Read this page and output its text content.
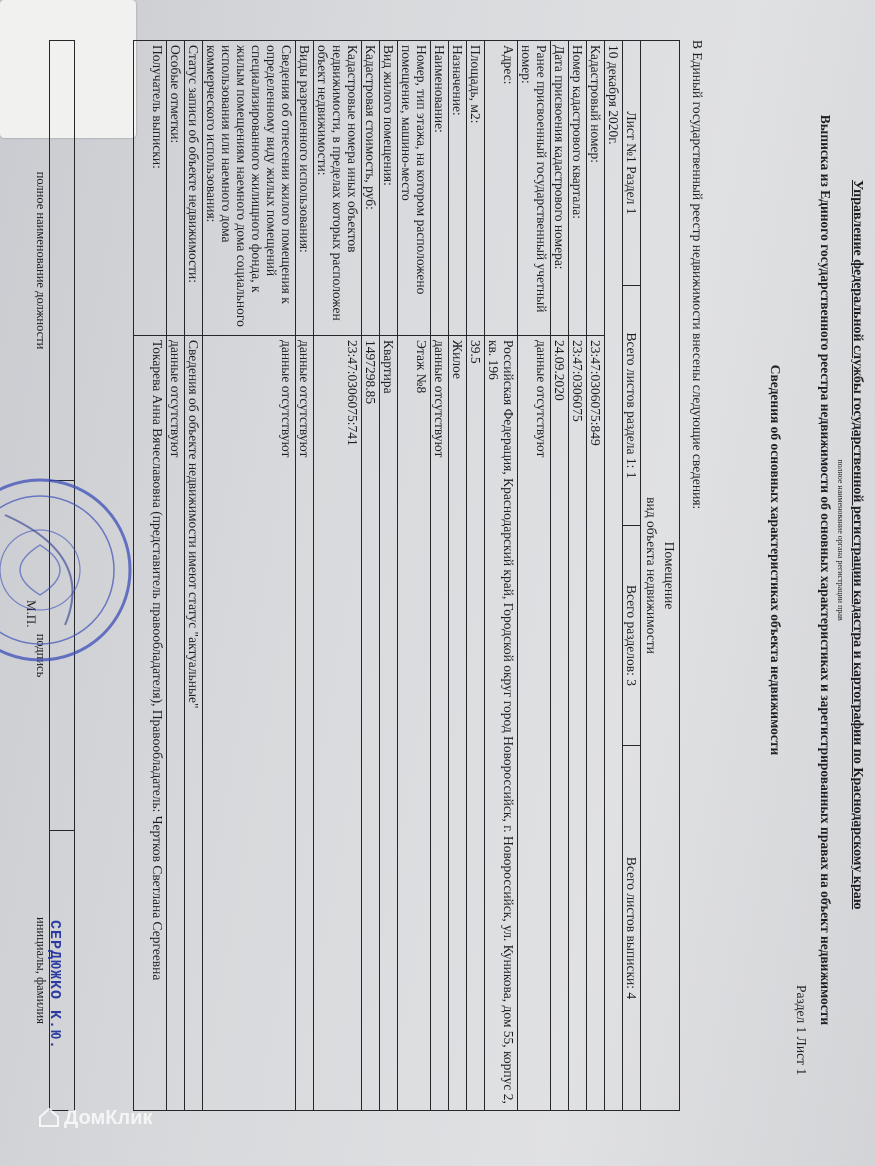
Управление федеральной службы государственной регистрации кадастра и картографии по Краснодарскому краю
полное наименование органа регистрации прав
Выписка из Единого государственного реестра недвижимости об основных характеристиках и зарегистрированных правах на объект недвижимости
Раздел 1 Лист 1
Сведения об основных характеристиках объекта недвижимости
В Единый государственный реестр недвижимости внесены следующие сведения:
Помещение
вид объекта недвижимости				

Лист №1 Раздел 1	Всего листов раздела 1: 1		Всего разделов: 3	Всего листов выписки: 4
10 декабря 2020г.				
Кадастровый номер:		23:47:0306075:849		
Номер кадастрового квартала:		23:47:0306075		
Дата присвоения кадастрового номера:		24.09.2020		
Ранее присвоенный государственный учетный номер:		данные отсутствуют		
Адрес:		Российская Федерация, Краснодарский край, Городской округ город Новороссийск, г. Новороссийск, ул. Куникова, дом 55, корпус 2, кв. 196		
Площадь, м2:		39.5		
Назначение:		Жилое		
Наименование:		данные отсутствуют		
Номер, тип этажа, на котором расположено помещение, машино-место		Этаж №8		
Вид жилого помещения:		Квартира		
Кадастровая стоимость, руб:		1497298.85		
Кадастровые номера иных объектов недвижимости, в пределах которых расположен объект недвижимости:		23:47:0306075:741		
Виды разрешенного использования:		данные отсутствуют		
Сведения об отнесении жилого помещения к определенному виду жилых помещений специализированного жилищного фонда, к жилым помещениям наемного дома социального использования или наемного дома коммерческого использования:		данные отсутствуют		
Статус записи об объекте недвижимости:		Сведения об объекте недвижимости имеют статус "актуальные"		
Особые отметки:		данные отсутствуют		
Получатель выписки:		Токарева Анна Вячеславовна (представитель правообладателя), Правообладатель: Чертков Светлана Сергеевна		

полное наименование должности	подпись	инициалы, фамилия
М.П.
СЕРДЮЖКО К.Ю.
ДомКлик
